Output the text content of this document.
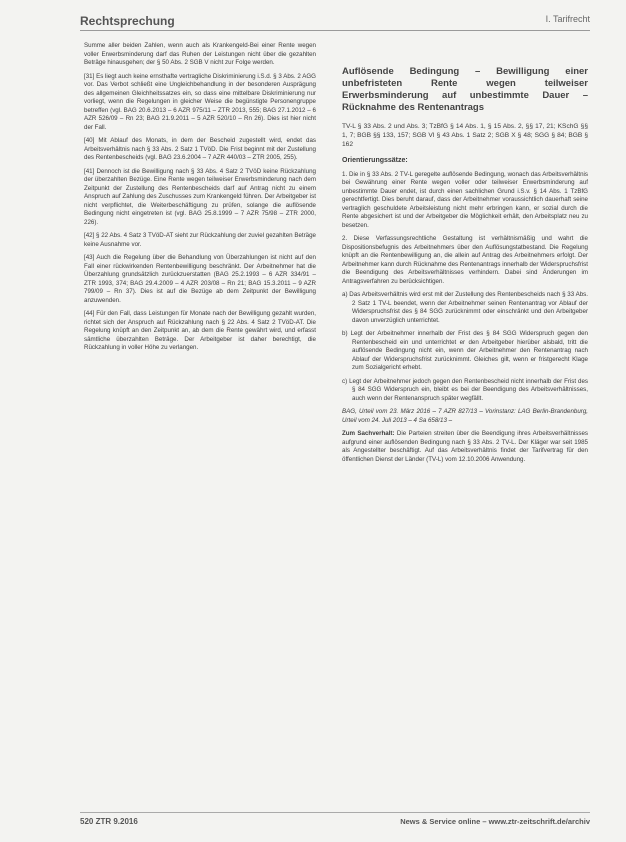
Rechtsprechung	I. Tarifrecht

Summe aller beiden Zahlen, wenn auch als Krankengeld-Bei einer Rente wegen voller Erwerbsminderung darf das Ruhen der Leistungen nicht über die gezahlten Beträge hinausgehen; der § 50 Abs. 2 SGB V nicht zur Folge werden.

[31] Es liegt auch keine ernsthafte vertragliche Diskriminierung i.S.d. § 3 Abs. 2 AGG vor. Das Verbot schließt eine Ungleichbehandlung in der besonderen Ausprägung des allgemeinen Gleichheitssatzes ein, so dass eine mittelbare Diskriminierung nur vorliegt, wenn die Regelungen in gleicher Weise die begünstigte Personengruppe betreffen (vgl. BAG 20.6.2013 – 6 AZR 975/11 – ZTR 2013, 555; BAG 27.1.2012 – 6 AZR 526/09 – Rn 23; BAG 21.9.2011 – 5 AZR 520/10 – Rn 26). Dies ist hier nicht der Fall.

[40] Mit Ablauf des Monats, in dem der Bescheid zugestellt wird, endet das Arbeitsverhältnis nach § 33 Abs. 2 Satz 1 TVöD. Die Frist beginnt mit der Zustellung des Rentenbescheids (vgl. BAG 23.6.2004 – 7 AZR 440/03 – ZTR 2005, 255).

[41] Dennoch ist die Bewilligung nach § 33 Abs. 4 Satz 2 TVöD keine Rückzahlung der überzahlten Bezüge. Eine Rente wegen teilweiser Erwerbsminderung nach dem Zeitpunkt der Zustellung des Rentenbescheids darf auf Antrag nicht zu einem Anspruch auf Zahlung des Zuschusses zum Krankengeld führen. Der Arbeitgeber ist nicht verpflichtet, die Weiterbeschäftigung zu prüfen, solange die auflösende Bedingung nicht eingetreten ist (vgl. BAG 25.8.1999 – 7 AZR 75/98 – ZTR 2000, 226).

[42] § 22 Abs. 4 Satz 3 TVöD-AT sieht zur Rückzahlung der zuviel gezahlten Beträge keine Ausnahme vor.

[43] Auch die Regelung über die Behandlung von Überzahlungen ist nicht auf den Fall einer rückwirkenden Rentenbewilligung beschränkt. Der Arbeitnehmer hat die Überzahlung grundsätzlich zurückzuerstatten (BAG 25.2.1993 – 6 AZR 334/91 – ZTR 1993, 374; BAG 29.4.2009 – 4 AZR 203/08 – Rn 21; BAG 15.3.2011 – 9 AZR 799/09 – Rn 37). Dies ist auf die Bezüge ab dem Zeitpunkt der Bewilligung anzuwenden.

[44] Für den Fall, dass Leistungen für Monate nach der Bewilligung gezahlt wurden, richtet sich der Anspruch auf Rückzahlung nach § 22 Abs. 4 Satz 2 TVöD-AT. Die Regelung knüpft an den Zeitpunkt an, ab dem die Rente gewährt wird, und erfasst sämtliche überzahlten Beträge. Der Arbeitgeber ist daher berechtigt, die Rückzahlung in voller Höhe zu verlangen.

Auflösende Bedingung – Bewilligung einer unbefristeten Rente wegen teilweiser Erwerbsminderung auf unbestimmte Dauer – Rücknahme des Rentenantrags

TV-L § 33 Abs. 2 und Abs. 3; TzBfG § 14 Abs. 1, § 15 Abs. 2, §§ 17, 21; KSchG §§ 1, 7; BGB §§ 133, 157; SGB VI § 43 Abs. 1 Satz 2; SGB X § 48; SGG § 84; BGB § 162

Orientierungssätze:

1. Die in § 33 Abs. 2 TV-L geregelte auflösende Bedingung, wonach das Arbeitsverhältnis bei Gewährung einer Rente wegen voller oder teilweiser Erwerbsminderung auf unbestimmte Dauer endet, ist durch einen sachlichen Grund i.S.v. § 14 Abs. 1 TzBfG gerechtfertigt. Dies beruht darauf, dass der Arbeitnehmer voraussichtlich dauerhaft seine vertraglich geschuldete Arbeitsleistung nicht mehr erbringen kann, er sozial durch die Rente abgesichert ist und der Arbeitgeber die Möglichkeit erhält, den Arbeitsplatz neu zu besetzen.

2. Diese Verfassungsrechtliche Gestaltung ist verhältnismäßig und wahrt die Dispositionsbefugnis des Arbeitnehmers über den Auflösungstatbestand. Die Regelung knüpft an die Rentenbewilligung an, die allein auf Antrag des Arbeitnehmers erfolgt. Der Arbeitnehmer kann durch Rücknahme des Rentenantrags innerhalb der Widerspruchsfrist die Beendigung des Arbeitsverhältnisses verhindern. Dabei sind Änderungen im Antragsverfahren zu berücksichtigen.

a) Das Arbeitsverhältnis wird erst mit der Zustellung des Rentenbescheids nach § 33 Abs. 2 Satz 1 TV-L beendet, wenn der Arbeitnehmer seinen Rentenantrag vor Ablauf der Widerspruchsfrist des § 84 SGG zurücknimmt oder einschränkt und den Arbeitgeber davon unverzüglich unterrichtet.

b) Legt der Arbeitnehmer innerhalb der Frist des § 84 SGG Widerspruch gegen den Rentenbescheid ein und unterrichtet er den Arbeitgeber hierüber alsbald, tritt die auflösende Bedingung nicht ein, wenn der Arbeitnehmer den Rentenantrag nach Ablauf der Widerspruchsfrist zurücknimmt. Gleiches gilt, wenn er fristgerecht Klage zum Sozialgericht erhebt.

c) Legt der Arbeitnehmer jedoch gegen den Rentenbescheid nicht innerhalb der Frist des § 84 SGG Widerspruch ein, bleibt es bei der Beendigung des Arbeitsverhältnisses, auch wenn der Rentenanspruch später wegfällt.

BAG, Urteil vom 23. März 2016 – 7 AZR 827/13 – Vorinstanz: LAG Berlin-Brandenburg, Urteil vom 24. Juli 2013 – 4 Sa 658/13 –

Zum Sachverhalt: Die Parteien streiten über die Beendigung ihres Arbeitsverhältnisses aufgrund einer auflösenden Bedingung nach § 33 Abs. 2 TV-L. Der Kläger war seit 1985 als Angestellter beschäftigt. Auf das Arbeitsverhältnis findet der Tarifvertrag für den öffentlichen Dienst der Länder (TV-L) vom 12.10.2006 Anwendung.

520 ZTR 9.2016	News & Service online – www.ztr-zeitschrift.de/archiv
